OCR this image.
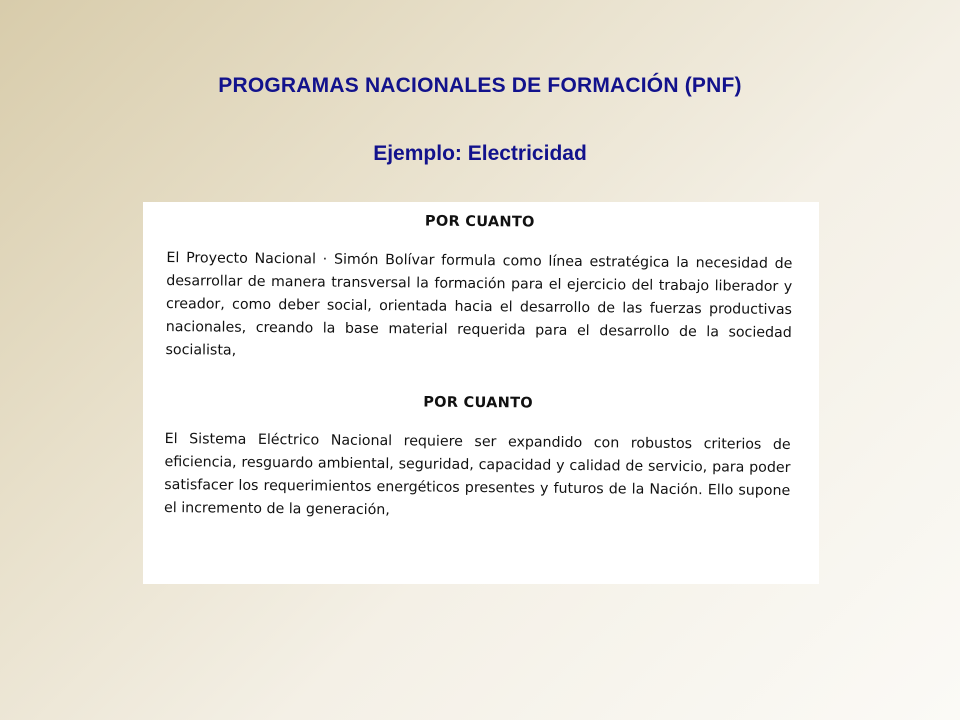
PROGRAMAS NACIONALES DE FORMACIÓN (PNF)
Ejemplo: Electricidad
POR CUANTO

El Proyecto Nacional · Simón Bolívar formula como línea estratégica la necesidad de desarrollar de manera transversal la formación para el ejercicio del trabajo liberador y creador, como deber social, orientada hacia el desarrollo de las fuerzas productivas nacionales, creando la base material requerida para el desarrollo de la sociedad socialista,

POR CUANTO

El Sistema Eléctrico Nacional requiere ser expandido con robustos criterios de eficiencia, resguardo ambiental, seguridad, capacidad y calidad de servicio, para poder satisfacer los requerimientos energéticos presentes y futuros de la Nación. Ello supone el incremento de la generación,
